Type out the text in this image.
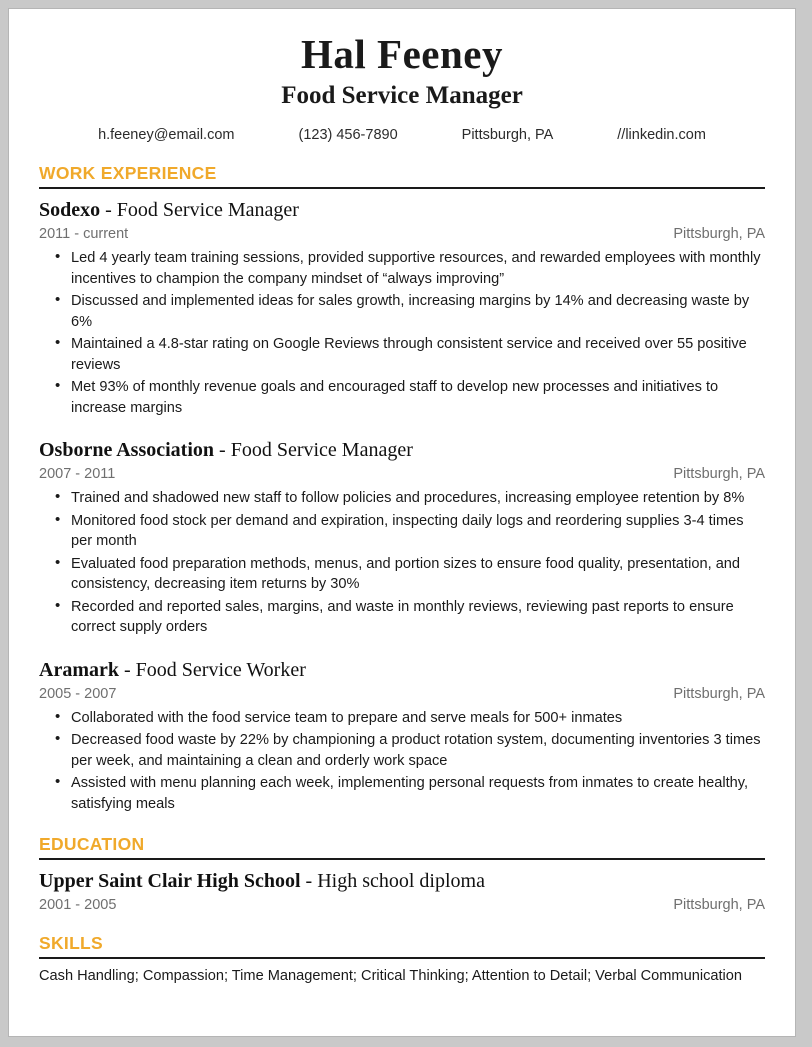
Hal Feeney
Food Service Manager
h.feeney@email.com	(123) 456-7890	Pittsburgh, PA	//linkedin.com
WORK EXPERIENCE
Sodexo - Food Service Manager
2011 - current	Pittsburgh, PA
• Led 4 yearly team training sessions, provided supportive resources, and rewarded employees with monthly incentives to champion the company mindset of “always improving”
• Discussed and implemented ideas for sales growth, increasing margins by 14% and decreasing waste by 6%
• Maintained a 4.8-star rating on Google Reviews through consistent service and received over 55 positive reviews
• Met 93% of monthly revenue goals and encouraged staff to develop new processes and initiatives to increase margins
Osborne Association - Food Service Manager
2007 - 2011	Pittsburgh, PA
• Trained and shadowed new staff to follow policies and procedures, increasing employee retention by 8%
• Monitored food stock per demand and expiration, inspecting daily logs and reordering supplies 3-4 times per month
• Evaluated food preparation methods, menus, and portion sizes to ensure food quality, presentation, and consistency, decreasing item returns by 30%
• Recorded and reported sales, margins, and waste in monthly reviews, reviewing past reports to ensure correct supply orders
Aramark - Food Service Worker
2005 - 2007	Pittsburgh, PA
• Collaborated with the food service team to prepare and serve meals for 500+ inmates
• Decreased food waste by 22% by championing a product rotation system, documenting inventories 3 times per week, and maintaining a clean and orderly work space
• Assisted with menu planning each week, implementing personal requests from inmates to create healthy, satisfying meals
EDUCATION
Upper Saint Clair High School - High school diploma
2001 - 2005	Pittsburgh, PA
SKILLS
Cash Handling; Compassion; Time Management; Critical Thinking; Attention to Detail; Verbal Communication
